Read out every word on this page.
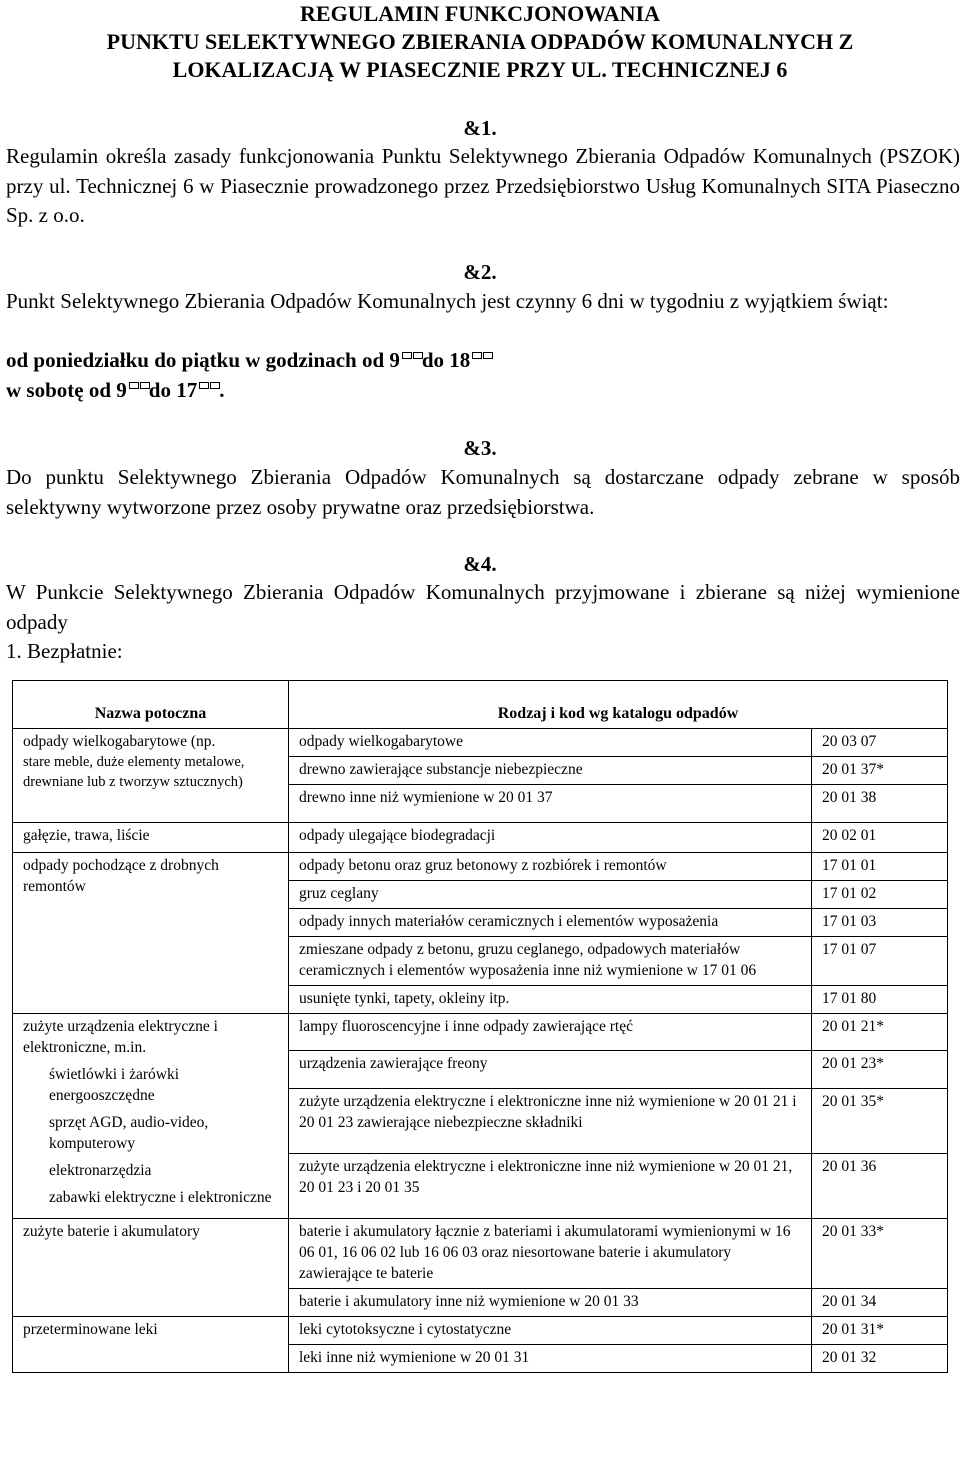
REGULAMIN FUNKCJONOWANIA
PUNKTU SELEKTYWNEGO ZBIERANIA ODPADÓW KOMUNALNYCH Z
LOKALIZACJĄ W PIASECZNIE PRZY UL. TECHNICZNEJ 6
&1.
Regulamin określa zasady funkcjonowania Punktu Selektywnego Zbierania Odpadów Komunalnych (PSZOK) przy ul. Technicznej 6 w Piasecznie prowadzonego przez Przedsiębiorstwo Usług Komunalnych SITA Piaseczno Sp. z o.o.
&2.
Punkt Selektywnego Zbierania Odpadów Komunalnych jest czynny 6 dni w tygodniu z wyjątkiem świąt:
od poniedziałku do piątku w godzinach od 9 do 18
w sobotę od 9 do 17 .
&3.
Do punktu Selektywnego Zbierania Odpadów Komunalnych są dostarczane odpady zebrane w sposób selektywny wytworzone przez osoby prywatne oraz przedsiębiorstwa.
&4.
W Punkcie Selektywnego Zbierania Odpadów Komunalnych przyjmowane i zbierane są niżej wymienione odpady
1. Bezpłatnie:
Nazwa potoczna	Rodzaj i kod wg katalogu odpadów	

odpady wielkogabarytowe (np.
stare meble, duże elementy metalowe, drewniane lub z tworzyw sztucznych)	odpady wielkogabarytowe	20 03 07
	drewno zawierające substancje niebezpieczne	20 01 37*
	drewno inne niż wymienione w 20 01 37	20 01 38
gałęzie, trawa, liście	odpady ulegające biodegradacji	20 02 01
odpady pochodzące z drobnych remontów	odpady betonu oraz gruz betonowy z rozbiórek i remontów	17 01 01
	gruz ceglany	17 01 02
	odpady innych materiałów ceramicznych i elementów wyposażenia	17 01 03
	zmieszane odpady z betonu, gruzu ceglanego, odpadowych materiałów ceramicznych i elementów wyposażenia inne niż wymienione w 17 01 06	17 01 07
	usunięte tynki, tapety, okleiny itp.	17 01 80

zużyte urządzenia elektryczne i elektroniczne, m.in.
świetlówki i żarówki energooszczędne
sprzęt AGD, audio-video, komputerowy
elektronarzędzia
zabawki elektryczne i elektroniczne	lampy fluoroscencyjne i inne odpady zawierające rtęć	20 01 21*
	urządzenia zawierające freony	20 01 23*
	zużyte urządzenia elektryczne i elektroniczne inne niż wymienione w 20 01 21 i 20 01 23 zawierające niebezpieczne składniki	20 01 35*
	zużyte urządzenia elektryczne i elektroniczne inne niż wymienione w 20 01 21, 20 01 23 i 20 01 35	20 01 36
zużyte baterie i akumulatory	baterie i akumulatory łącznie z bateriami i akumulatorami wymienionymi w 16 06 01, 16 06 02 lub 16 06 03 oraz niesortowane baterie i akumulatory zawierające te baterie	20 01 33*
	baterie i akumulatory inne niż wymienione w 20 01 33	20 01 34
przeterminowane leki	leki cytotoksyczne i cytostatyczne	20 01 31*
	leki inne niż wymienione w 20 01 31	20 01 32
